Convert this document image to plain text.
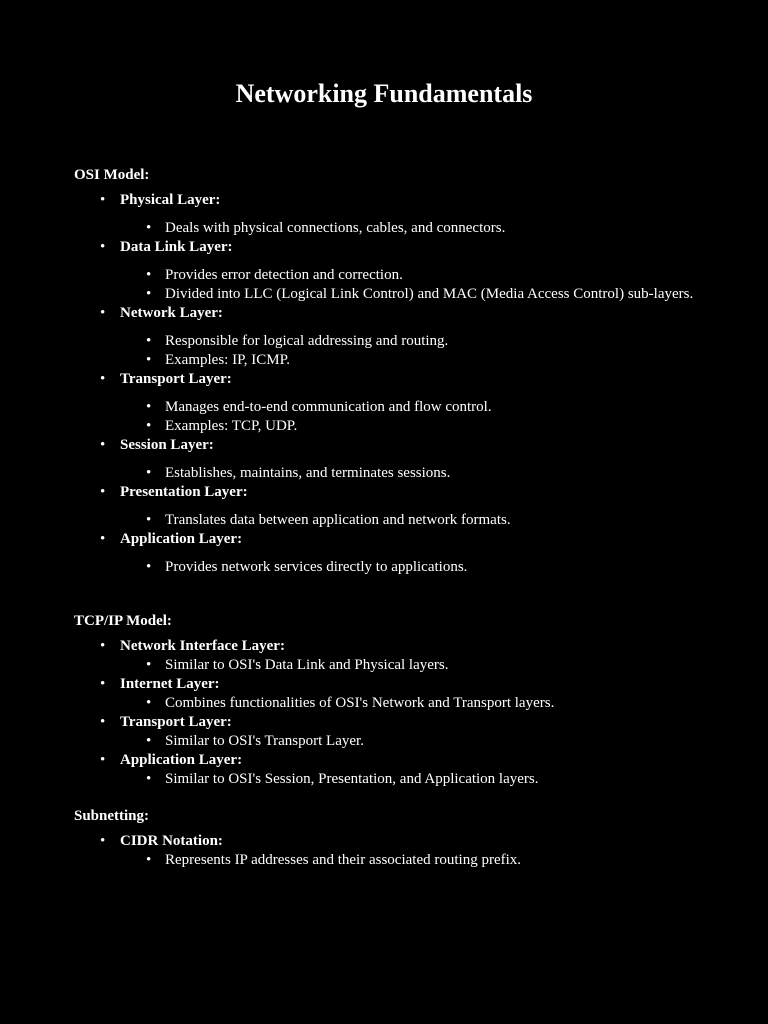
Networking Fundamentals
OSI Model:
• Physical Layer:
• Deals with physical connections, cables, and connectors.
• Data Link Layer:
• Provides error detection and correction.
• Divided into LLC (Logical Link Control) and MAC (Media Access Control) sub-layers.
• Network Layer:
• Responsible for logical addressing and routing.
• Examples: IP, ICMP.
• Transport Layer:
• Manages end-to-end communication and flow control.
• Examples: TCP, UDP.
• Session Layer:
• Establishes, maintains, and terminates sessions.
• Presentation Layer:
• Translates data between application and network formats.
• Application Layer:
• Provides network services directly to applications.
TCP/IP Model:
• Network Interface Layer:
• Similar to OSI's Data Link and Physical layers.
• Internet Layer:
• Combines functionalities of OSI's Network and Transport layers.
• Transport Layer:
• Similar to OSI's Transport Layer.
• Application Layer:
• Similar to OSI's Session, Presentation, and Application layers.
Subnetting:
• CIDR Notation:
• Represents IP addresses and their associated routing prefix.
